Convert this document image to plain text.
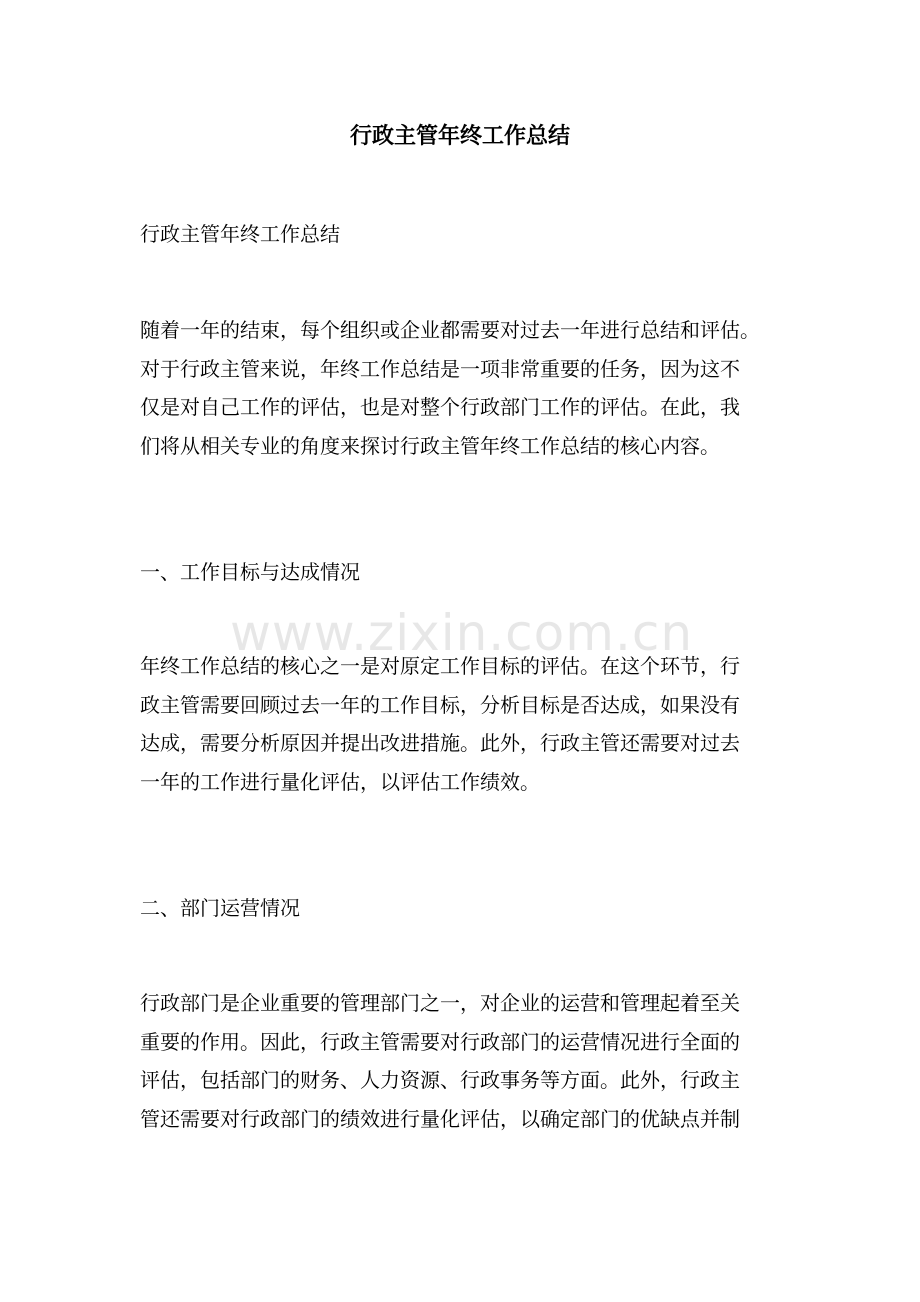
行政主管年终工作总结

行政主管年终工作总结

随着一年的结束，每个组织或企业都需要对过去一年进行总结和评估。
对于行政主管来说，年终工作总结是一项非常重要的任务，因为这不
仅是对自己工作的评估，也是对整个行政部门工作的评估。在此，我
们将从相关专业的角度来探讨行政主管年终工作总结的核心内容。
一、工作目标与达成情况
年终工作总结的核心之一是对原定工作目标的评估。在这个环节，行
政主管需要回顾过去一年的工作目标，分析目标是否达成，如果没有
达成，需要分析原因并提出改进措施。此外，行政主管还需要对过去
一年的工作进行量化评估，以评估工作绩效。
二、部门运营情况
行政部门是企业重要的管理部门之一，对企业的运营和管理起着至关
重要的作用。因此，行政主管需要对行政部门的运营情况进行全面的
评估，包括部门的财务、人力资源、行政事务等方面。此外，行政主
管还需要对行政部门的绩效进行量化评估，以确定部门的优缺点并制
www.zixin.com.cn
